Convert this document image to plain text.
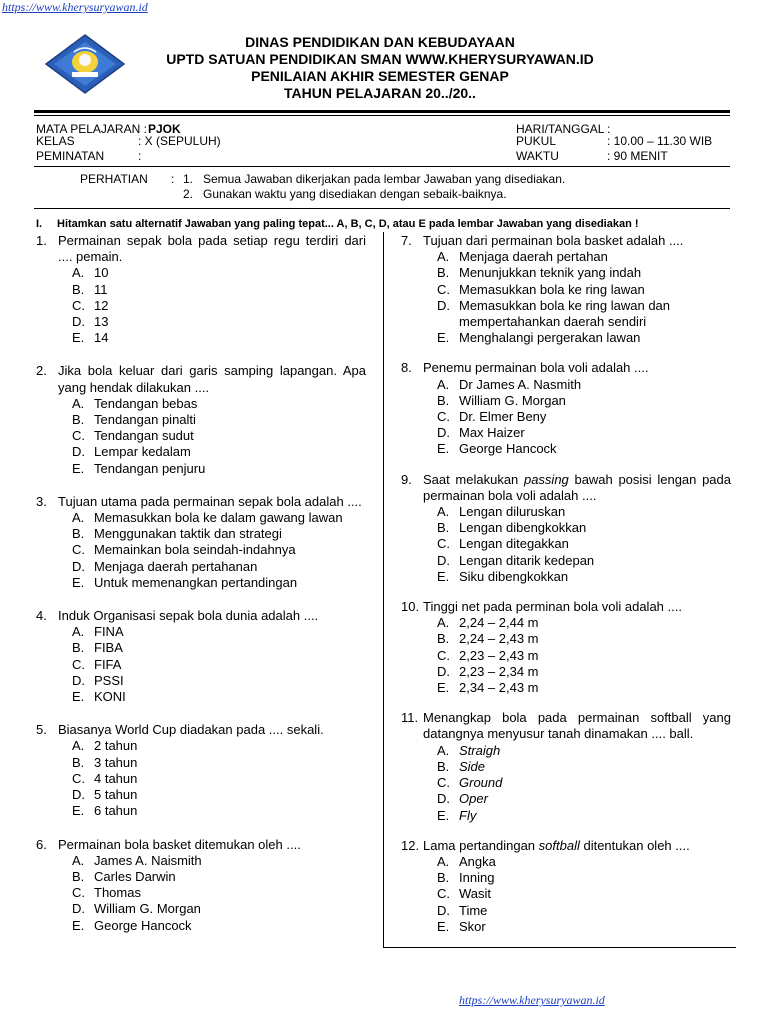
https://www.kherysuryawan.id
DINAS PENDIDIKAN DAN KEBUDAYAAN
UPTD SATUAN PENDIDIKAN SMAN WWW.KHERYSURYAWAN.ID
PENILAIAN AKHIR SEMESTER GENAP
TAHUN PELAJARAN 20../20..
MATA PELAJARAN : PJOK
KELAS	: X (SEPULUH)
PEMINATAN	:
HARI/TANGGAL :
PUKUL	: 10.00 – 11.30 WIB
WAKTU	: 90 MENIT
PERHATIAN : 1. Semua Jawaban dikerjakan pada lembar Jawaban yang disediakan.
2. Gunakan waktu yang disediakan dengan sebaik-baiknya.
I. Hitamkan satu alternatif Jawaban yang paling tepat... A, B, C, D, atau E pada lembar Jawaban yang disediakan !
1. Permainan sepak bola pada setiap regu terdiri dari .... pemain.
A. 10
B. 11
C. 12
D. 13
E. 14
2. Jika bola keluar dari garis samping lapangan. Apa yang hendak dilakukan ....
A. Tendangan bebas
B. Tendangan pinalti
C. Tendangan sudut
D. Lempar kedalam
E. Tendangan penjuru
3. Tujuan utama pada permainan sepak bola adalah ....
A. Memasukkan bola ke dalam gawang lawan
B. Menggunakan taktik dan strategi
C. Memainkan bola seindah-indahnya
D. Menjaga daerah pertahanan
E. Untuk memenangkan pertandingan
4. Induk Organisasi sepak bola dunia adalah ....
A. FINA
B. FIBA
C. FIFA
D. PSSI
E. KONI
5. Biasanya World Cup diadakan pada .... sekali.
A. 2 tahun
B. 3 tahun
C. 4 tahun
D. 5 tahun
E. 6 tahun
6. Permainan bola basket ditemukan oleh ....
A. James A. Naismith
B. Carles Darwin
C. Thomas
D. William G. Morgan
E. George Hancock
7. Tujuan dari permainan bola basket adalah ....
A. Menjaga daerah pertahan
B. Menunjukkan teknik yang indah
C. Memasukkan bola ke ring lawan
D. Memasukkan bola ke ring lawan dan mempertahankan daerah sendiri
E. Menghalangi pergerakan lawan
8. Penemu permainan bola voli adalah ....
A. Dr James A. Nasmith
B. William G. Morgan
C. Dr. Elmer Beny
D. Max Haizer
E. George Hancock
9. Saat melakukan passing bawah posisi lengan pada permainan bola voli adalah ....
A. Lengan diluruskan
B. Lengan dibengkokkan
C. Lengan ditegakkan
D. Lengan ditarik kedepan
E. Siku dibengkokkan
10. Tinggi net pada perminan bola voli adalah ....
A. 2,24 – 2,44 m
B. 2,24 – 2,43 m
C. 2,23 – 2,43 m
D. 2,23 – 2,34 m
E. 2,34 – 2,43 m
11. Menangkap bola pada permainan softball yang datangnya menyusur tanah dinamakan .... ball.
A. Straigh
B. Side
C. Ground
D. Oper
E. Fly
12. Lama pertandingan softball ditentukan oleh ....
A. Angka
B. Inning
C. Wasit
D. Time
E. Skor
https://www.kherysuryawan.id
